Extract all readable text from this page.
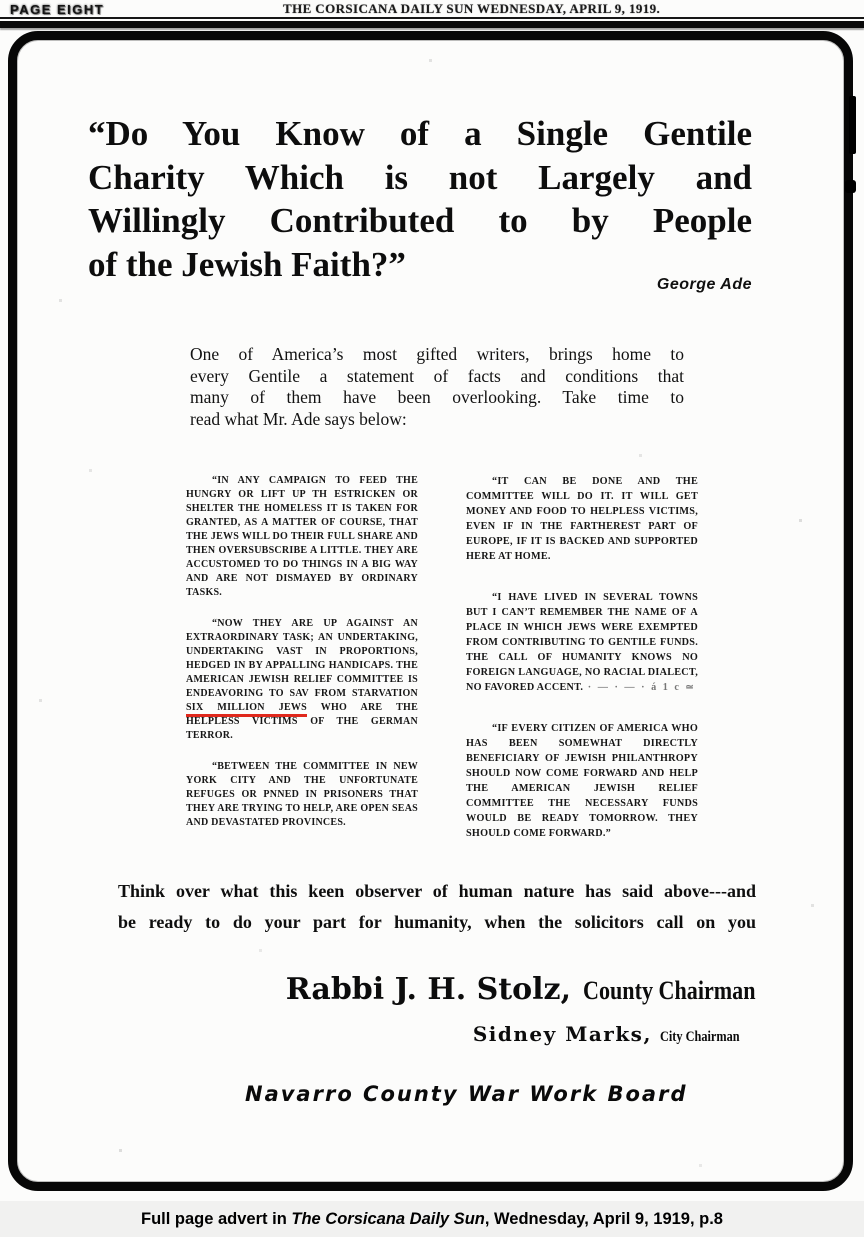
PAGE EIGHT	THE CORSICANA DAILY SUN WEDNESDAY, APRIL 9, 1919.
“Do You Know of a Single Gentile
Charity Which is not Largely and
Willingly Contributed to by People
of the Jewish Faith?”
George Ade
One of America’s most gifted writers, brings home to
every Gentile a statement of facts and conditions that
many of them have been overlooking. Take time to
read what Mr. Ade says below:

“IN ANY CAMPAIGN TO FEED THE HUNGRY OR LIFT UP TH ESTRICKEN OR SHELTER THE HOMELESS IT IS TAKEN FOR GRANTED, AS A MATTER OF COURSE, THAT THE JEWS WILL DO THEIR FULL SHARE AND THEN OVERSUBSCRIBE A LITTLE. THEY ARE ACCUSTOMED TO DO THINGS IN A BIG WAY AND ARE NOT DISMAYED BY ORDINARY TASKS.

“NOW THEY ARE UP AGAINST AN EXTRAORDINARY TASK; AN UNDERTAKING, UNDERTAKING VAST IN PROPORTIONS, HEDGED IN BY APPALLING HANDICAPS. THE AMERICAN JEWISH RELIEF COMMITTEE IS ENDEAVORING TO SAV FROM STARVATION SIX MILLION JEWS WHO ARE THE HELPLESS VICTIMS OF THE GERMAN TERROR.

“BETWEEN THE COMMITTEE IN NEW YORK CITY AND THE UNFORTUNATE REFUGES OR PNNED IN PRISONERS THAT THEY ARE TRYING TO HELP, ARE OPEN SEAS AND DEVASTATED PROVINCES.

“IT CAN BE DONE AND THE COMMITTEE WILL DO IT. IT WILL GET MONEY AND FOOD TO HELPLESS VICTIMS, EVEN IF IN THE FARTHEREST PART OF EUROPE, IF IT IS BACKED AND SUPPORTED HERE AT HOME.

“I HAVE LIVED IN SEVERAL TOWNS BUT I CAN’T REMEMBER THE NAME OF A PLACE IN WHICH JEWS WERE EXEMPTED FROM CONTRIBUTING TO GENTILE FUNDS. THE CALL OF HUMANITY KNOWS NO FOREIGN LANGUAGE, NO RACIAL DIALECT, NO FAVORED ACCENT. · — · — · á 1 c ≃

“IF EVERY CITIZEN OF AMERICA WHO HAS BEEN SOMEWHAT DIRECTLY BENEFICIARY OF JEWISH PHILANTHROPY SHOULD NOW COME FORWARD AND HELP THE AMERICAN JEWISH RELIEF COMMITTEE THE NECESSARY FUNDS WOULD BE READY TOMORROW. THEY SHOULD COME FORWARD.”

Think over what this keen observer of human nature has said above---and
be ready to do your part for humanity, when the solicitors call on you
Rabbi J. H. Stolz, County Chairman
Sidney Marks, City Chairman
Navarro County War Work Board
Full page advert in The Corsicana Daily Sun, Wednesday, April 9, 1919, p.8
